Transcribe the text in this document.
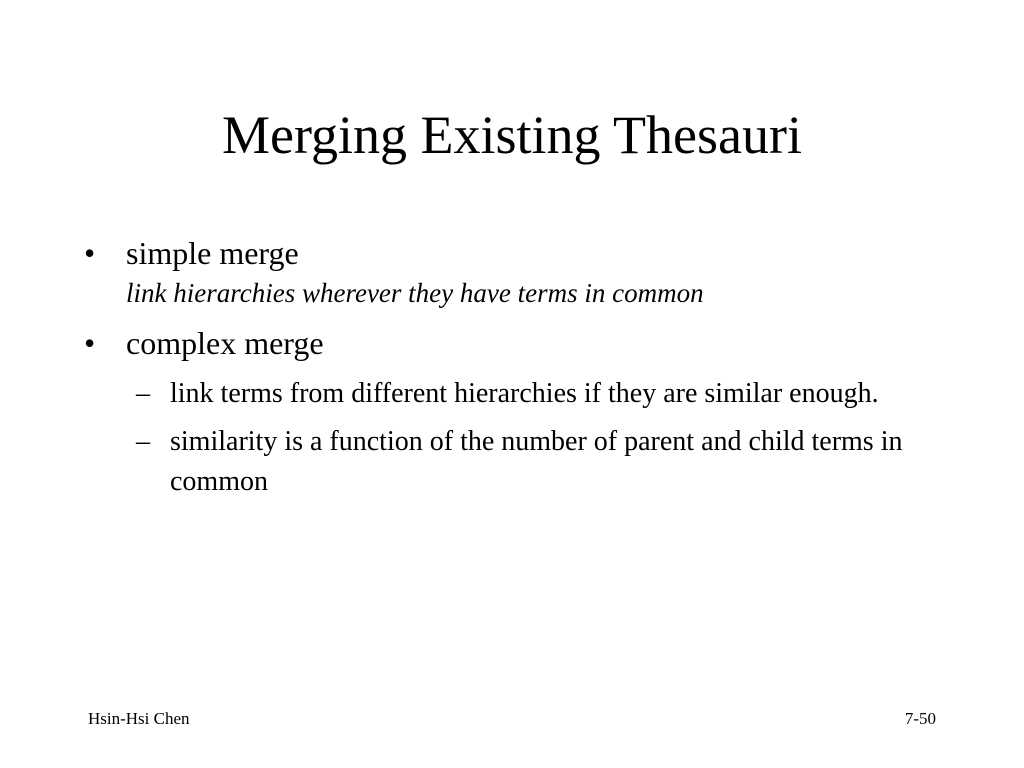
Merging Existing Thesauri
• simple merge
link hierarchies wherever they have terms in common
• complex merge
– link terms from different hierarchies if they are similar enough.
– similarity is a function of the number of parent and child terms in common
Hsin-Hsi Chen	7-50
